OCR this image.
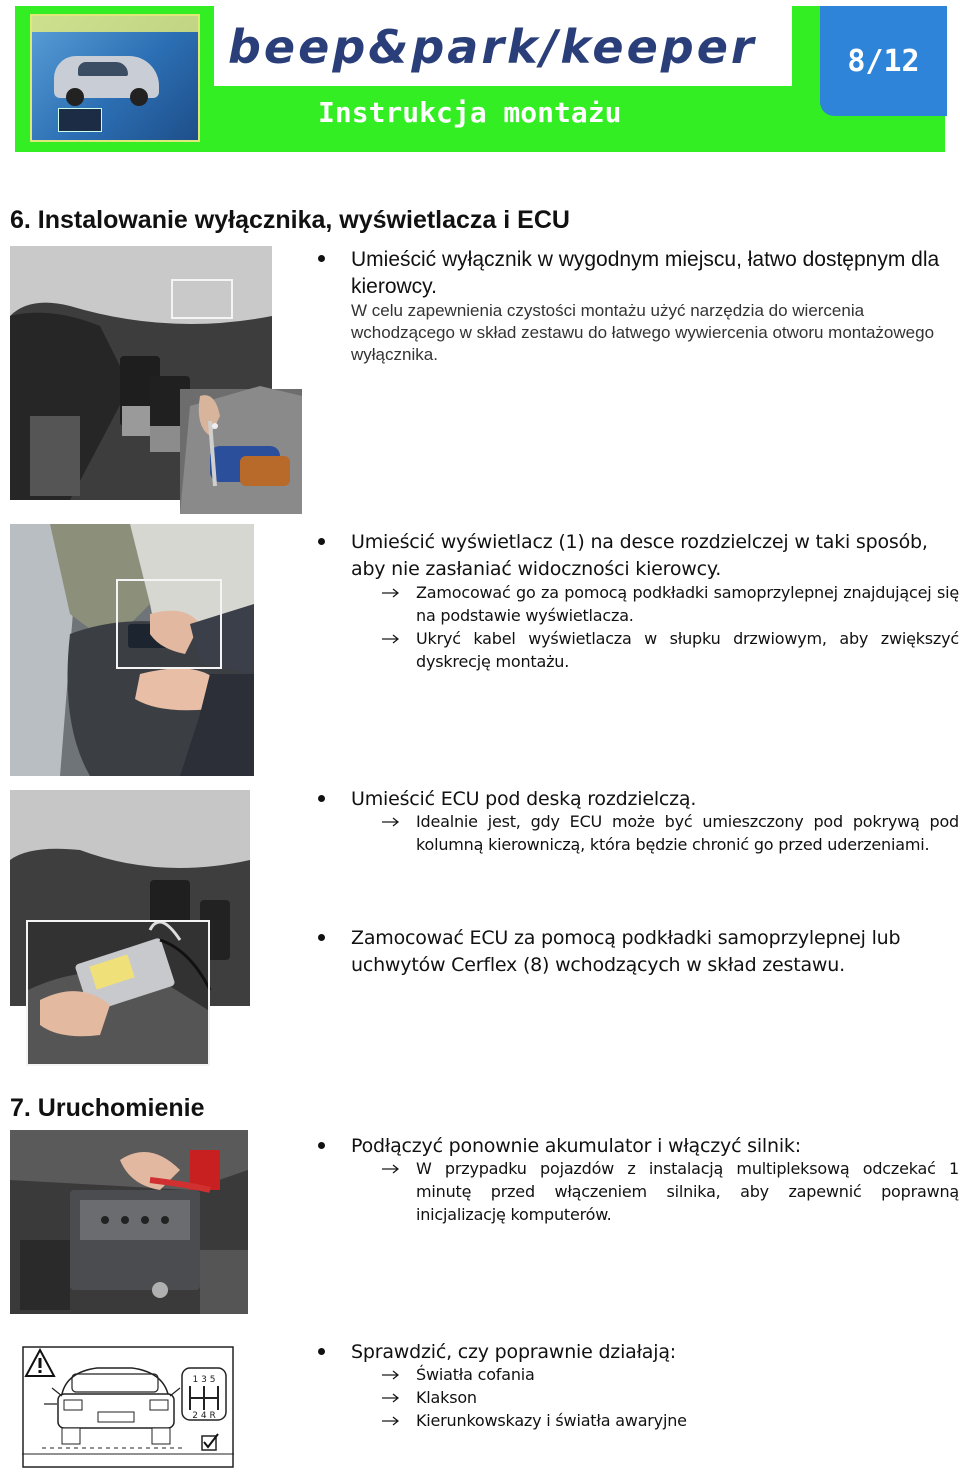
beep&park/keeper	8/12
Instrukcja montażu
6. Instalowanie wyłącznika, wyświetlacza i ECU
Umieścić wyłącznik w wygodnym miejscu, łatwo dostępnym dla kierowcy.
W celu zapewnienia czystości montażu użyć narzędzia do wiercenia wchodzącego w skład zestawu do łatwego wywiercenia otworu montażowego wyłącznika.
Umieścić wyświetlacz (1) na desce rozdzielczej w taki sposób, aby nie zasłaniać widoczności kierowcy.
Zamocować go za pomocą podkładki samoprzylepnej znajdującej się na podstawie wyświetlacza.
Ukryć kabel wyświetlacza w słupku drzwiowym, aby zwiększyć dyskrecję montażu.
Umieścić ECU pod deską rozdzielczą.
Idealnie jest, gdy ECU może być umieszczony pod pokrywą pod kolumną kierowniczą, która będzie chronić go przed uderzeniami.
Zamocować ECU za pomocą podkładki samoprzylepnej lub uchwytów Cerflex (8) wchodzących w skład zestawu.
7. Uruchomienie
Podłączyć ponownie akumulator i włączyć silnik:
W przypadku pojazdów z instalacją multipleksową odczekać 1 minutę przed włączeniem silnika, aby zapewnić poprawną inicjalizację komputerów.
1 3 5
2 4 R
Sprawdzić, czy poprawnie działają:
Światła cofania
Klakson
Kierunkowskazy i światła awaryjne
